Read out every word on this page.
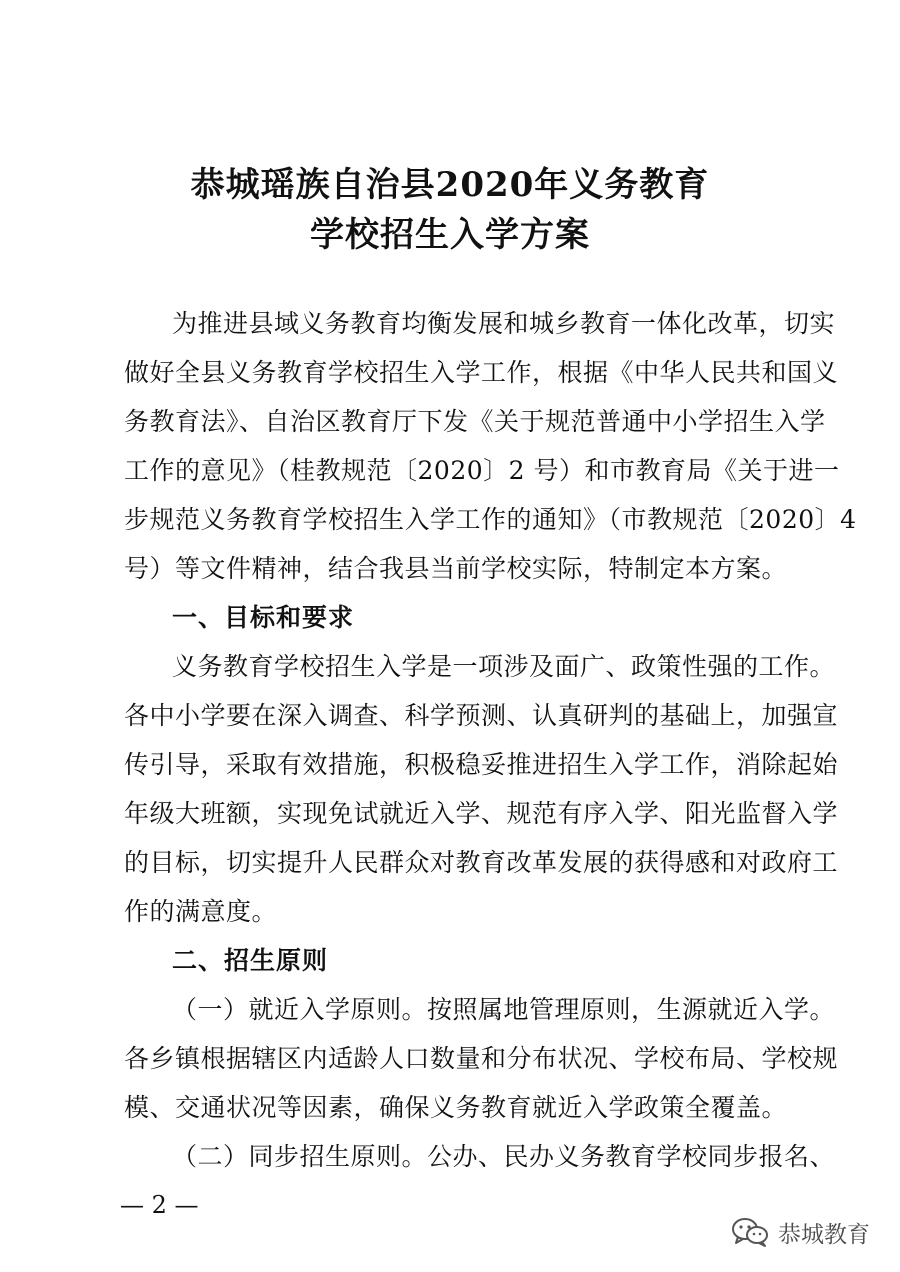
恭城瑶族自治县2020年义务教育
学校招生入学方案
为推进县域义务教育均衡发展和城乡教育一体化改革，切实
做好全县义务教育学校招生入学工作，根据《中华人民共和国义
务教育法》、自治区教育厅下发《关于规范普通中小学招生入学
工作的意见》（桂教规范〔2020〕2 号）和市教育局《关于进一
步规范义务教育学校招生入学工作的通知》（市教规范〔2020〕4
号）等文件精神，结合我县当前学校实际，特制定本方案。
一、目标和要求
义务教育学校招生入学是一项涉及面广、政策性强的工作。
各中小学要在深入调查、科学预测、认真研判的基础上，加强宣
传引导，采取有效措施，积极稳妥推进招生入学工作，消除起始
年级大班额，实现免试就近入学、规范有序入学、阳光监督入学
的目标，切实提升人民群众对教育改革发展的获得感和对政府工
作的满意度。
二、招生原则
（一）就近入学原则。按照属地管理原则，生源就近入学。
各乡镇根据辖区内适龄人口数量和分布状况、学校布局、学校规
模、交通状况等因素，确保义务教育就近入学政策全覆盖。
（二）同步招生原则。公办、民办义务教育学校同步报名、
— 2 —
恭城教育
